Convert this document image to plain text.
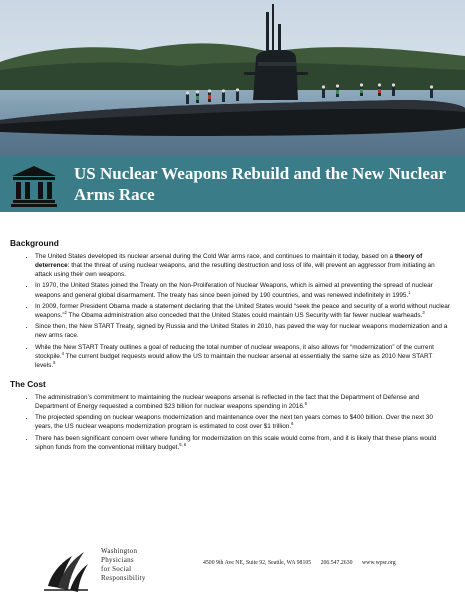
US Nuclear Weapons Rebuild and the New Nuclear Arms Race
Background
• The United States developed its nuclear arsenal during the Cold War arms race, and continues to maintain it today, based on a theory of deterrence: that the threat of using nuclear weapons, and the resulting destruction and loss of life, will prevent an aggressor from initiating an attack using their own weapons.
• In 1970, the United States joined the Treaty on the Non-Proliferation of Nuclear Weapons, which is aimed at preventing the spread of nuclear weapons and general global disarmament. The treaty has since been joined by 190 countries, and was renewed indefinitely in 1995.$^1$
• In 2009, former President Obama made a statement declaring that the United States would “seek the peace and security of a world without nuclear weapons.”$^2$ The Obama administration also conceded that the United States could maintain US Security with far fewer nuclear warheads.$^3$
• Since then, the New START Treaty, signed by Russia and the United States in 2010, has paved the way for nuclear weapons modernization and a new arms race.
• While the New START Treaty outlines a goal of reducing the total number of nuclear weapons, it also allows for “modernization” of the current stockpile.$^4$ The current budget requests would allow the US to maintain the nuclear arsenal at essentially the same size as 2010 New START levels.$^5$
The Cost
• The administration’s commitment to maintaining the nuclear weapons arsenal is reflected in the fact that the Department of Defense and Department of Energy requested a combined $23 billion for nuclear weapons spending in 2016.$^6$
• The projected spending on nuclear weapons modernization and maintenance over the next ten years comes to $400 billion. Over the next 30 years, the US nuclear weapons modernization program is estimated to cost over $1 trillion.$^6$
• There has been significant concern over where funding for modernization on this scale would come from, and it is likely that these plans would siphon funds from the conventional military budget.$^{5, 6}$
Washington
Physicians
for Social
Responsibility
4500 9th Ave NE, Suite 92, Seattle, WA 98105 206.547.2630 www.wpsr.org
